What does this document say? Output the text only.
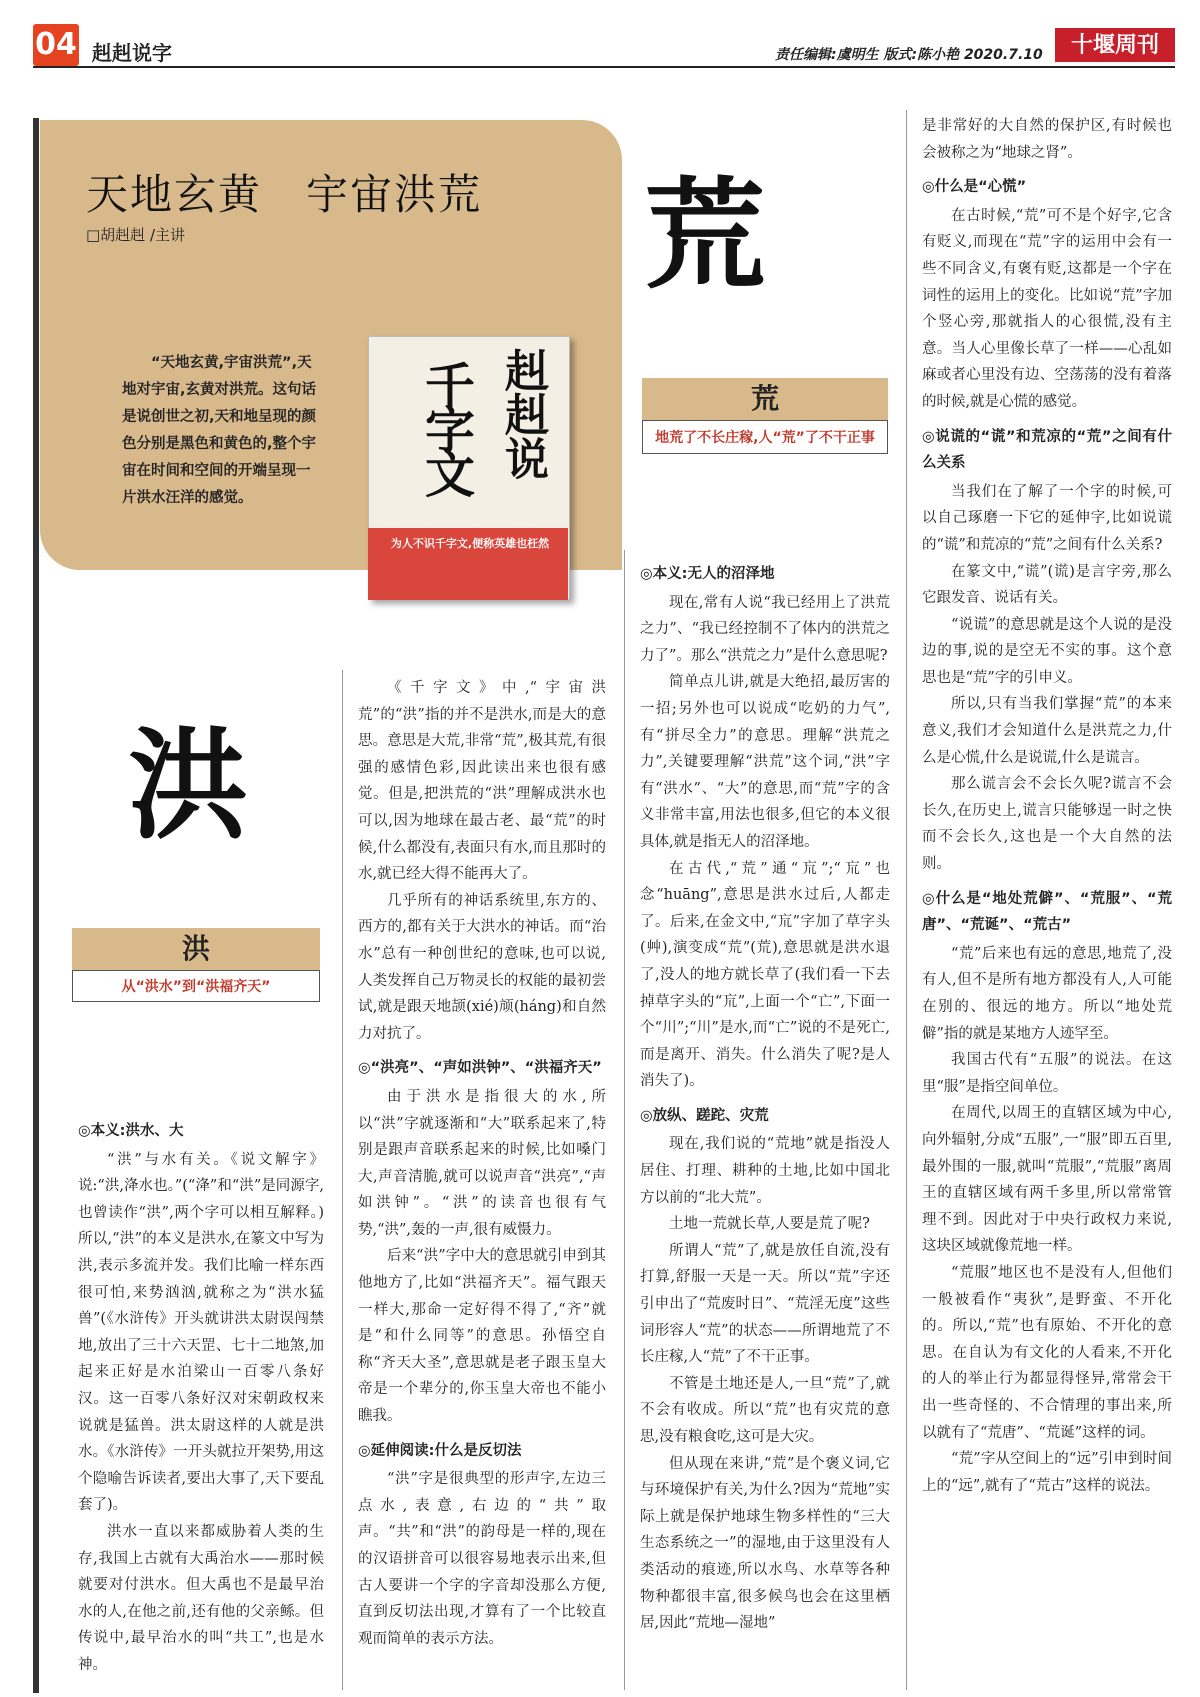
04 赳赳说字	责任编辑:虞明生 版式:陈小艳 2020.7.10	十堰周刊
天地玄黄　宇宙洪荒
□胡赳赳 /主讲
“天地玄黄,宇宙洪荒”,天地对宇宙,玄黄对洪荒。这句话是说创世之初,天和地呈现的颜色分别是黑色和黄色的,整个宇宙在时间和空间的开端呈现一片洪水汪洋的感觉。
赳赳说
千字文
为人不识千字文,便称英雄也枉然
洪
荒
洪
从“洪水”到“洪福齐天”
荒
地荒了不长庄稼,人“荒”了不干正事
◎本义:洪水、大

“洪”与水有关。《说文解字》说:“洪,洚水也。”(“洚”和“洪”是同源字,也曾读作“洪”,两个字可以相互解释。)所以,“洪”的本义是洪水,在篆文中写为洪,表示多流并发。我们比喻一样东西很可怕,来势汹汹,就称之为“洪水猛兽”(《水浒传》开头就讲洪太尉误闯禁地,放出了三十六天罡、七十二地煞,加起来正好是水泊梁山一百零八条好汉。这一百零八条好汉对宋朝政权来说就是猛兽。洪太尉这样的人就是洪水。《水浒传》一开头就拉开架势,用这个隐喻告诉读者,要出大事了,天下要乱套了)。

洪水一直以来都威胁着人类的生存,我国上古就有大禹治水——那时候就要对付洪水。但大禹也不是最早治水的人,在他之前,还有他的父亲鲧。但传说中,最早治水的叫“共工”,也是水神。

《千字文》中,“宇宙洪荒”的“洪”指的并不是洪水,而是大的意思。意思是大荒,非常“荒”,极其荒,有很强的感情色彩,因此读出来也很有感觉。但是,把洪荒的“洪”理解成洪水也可以,因为地球在最古老、最“荒”的时候,什么都没有,表面只有水,而且那时的水,就已经大得不能再大了。

几乎所有的神话系统里,东方的、西方的,都有关于大洪水的神话。而“治水”总有一种创世纪的意味,也可以说,人类发挥自己万物灵长的权能的最初尝试,就是跟天地颉(xié)颃(háng)和自然力对抗了。

◎“洪亮”、“声如洪钟”、“洪福齐天”

由于洪水是指很大的水,所以“洪”字就逐渐和“大”联系起来了,特别是跟声音联系起来的时候,比如嗓门大,声音清脆,就可以说声音“洪亮”,“声如洪钟”。“洪”的读音也很有气势,“洪”,轰的一声,很有威慑力。

后来“洪”字中大的意思就引申到其他地方了,比如“洪福齐天”。福气跟天一样大,那命一定好得不得了,“齐”就是“和什么同等”的意思。孙悟空自称“齐天大圣”,意思就是老子跟玉皇大帝是一个辈分的,你玉皇大帝也不能小瞧我。

◎延伸阅读:什么是反切法

“洪”字是很典型的形声字,左边三点水,表意,右边的“共”取声。“共”和“洪”的韵母是一样的,现在的汉语拼音可以很容易地表示出来,但古人要讲一个字的字音却没那么方便,直到反切法出现,才算有了一个比较直观而简单的表示方法。

◎本义:无人的沼泽地

现在,常有人说“我已经用上了洪荒之力”、“我已经控制不了体内的洪荒之力了”。那么“洪荒之力”是什么意思呢?

简单点儿讲,就是大绝招,最厉害的一招;另外也可以说成“吃奶的力气”,有“拼尽全力”的意思。理解“洪荒之力”,关键要理解“洪荒”这个词,“洪”字有“洪水”、“大”的意思,而“荒”字的含义非常丰富,用法也很多,但它的本义很具体,就是指无人的沼泽地。

在古代,“荒”通“巟”;“巟”也念“huāng”,意思是洪水过后,人都走了。后来,在金文中,“巟”字加了草字头(艸),演变成“荒”(荒),意思就是洪水退了,没人的地方就长草了(我们看一下去掉草字头的“巟”,上面一个“亡”,下面一个“川”;“川”是水,而“亡”说的不是死亡,而是离开、消失。什么消失了呢?是人消失了)。

◎放纵、蹉跎、灾荒

现在,我们说的“荒地”就是指没人居住、打理、耕种的土地,比如中国北方以前的“北大荒”。

土地一荒就长草,人要是荒了呢?

所谓人“荒”了,就是放任自流,没有打算,舒服一天是一天。所以“荒”字还引申出了“荒废时日”、“荒淫无度”这些词形容人“荒”的状态——所谓地荒了不长庄稼,人“荒”了不干正事。

不管是土地还是人,一旦“荒”了,就不会有收成。所以“荒”也有灾荒的意思,没有粮食吃,这可是大灾。

但从现在来讲,“荒”是个褒义词,它与环境保护有关,为什么?因为“荒地”实际上就是保护地球生物多样性的“三大生态系统之一”的湿地,由于这里没有人类活动的痕迹,所以水鸟、水草等各种物种都很丰富,很多候鸟也会在这里栖居,因此“荒地—湿地”

是非常好的大自然的保护区,有时候也会被称之为“地球之肾”。

◎什么是“心慌”

在古时候,“荒”可不是个好字,它含有贬义,而现在“荒”字的运用中会有一些不同含义,有褒有贬,这都是一个字在词性的运用上的变化。比如说“荒”字加个竖心旁,那就指人的心很慌,没有主意。当人心里像长草了一样——心乱如麻或者心里没有边、空荡荡的没有着落的时候,就是心慌的感觉。

◎说谎的“谎”和荒凉的“荒”之间有什么关系

当我们在了解了一个字的时候,可以自己琢磨一下它的延伸字,比如说谎的“谎”和荒凉的“荒”之间有什么关系?

在篆文中,“谎”(谎)是言字旁,那么它跟发音、说话有关。

“说谎”的意思就是这个人说的是没边的事,说的是空无不实的事。这个意思也是“荒”字的引申义。

所以,只有当我们掌握“荒”的本来意义,我们才会知道什么是洪荒之力,什么是心慌,什么是说谎,什么是谎言。

那么谎言会不会长久呢?谎言不会长久,在历史上,谎言只能够逞一时之快而不会长久,这也是一个大自然的法则。

◎什么是“地处荒僻”、“荒服”、“荒唐”、“荒诞”、“荒古”

“荒”后来也有远的意思,地荒了,没有人,但不是所有地方都没有人,人可能在别的、很远的地方。所以“地处荒僻”指的就是某地方人迹罕至。

我国古代有“五服”的说法。在这里“服”是指空间单位。

在周代,以周王的直辖区域为中心,向外辐射,分成“五服”,一“服”即五百里,最外围的一服,就叫“荒服”,“荒服”离周王的直辖区域有两千多里,所以常常管理不到。因此对于中央行政权力来说,这块区域就像荒地一样。

“荒服”地区也不是没有人,但他们一般被看作“夷狄”,是野蛮、不开化的。所以,“荒”也有原始、不开化的意思。在自认为有文化的人看来,不开化的人的举止行为都显得怪异,常常会干出一些奇怪的、不合情理的事出来,所以就有了“荒唐”、“荒诞”这样的词。

“荒”字从空间上的“远”引申到时间上的“远”,就有了“荒古”这样的说法。
